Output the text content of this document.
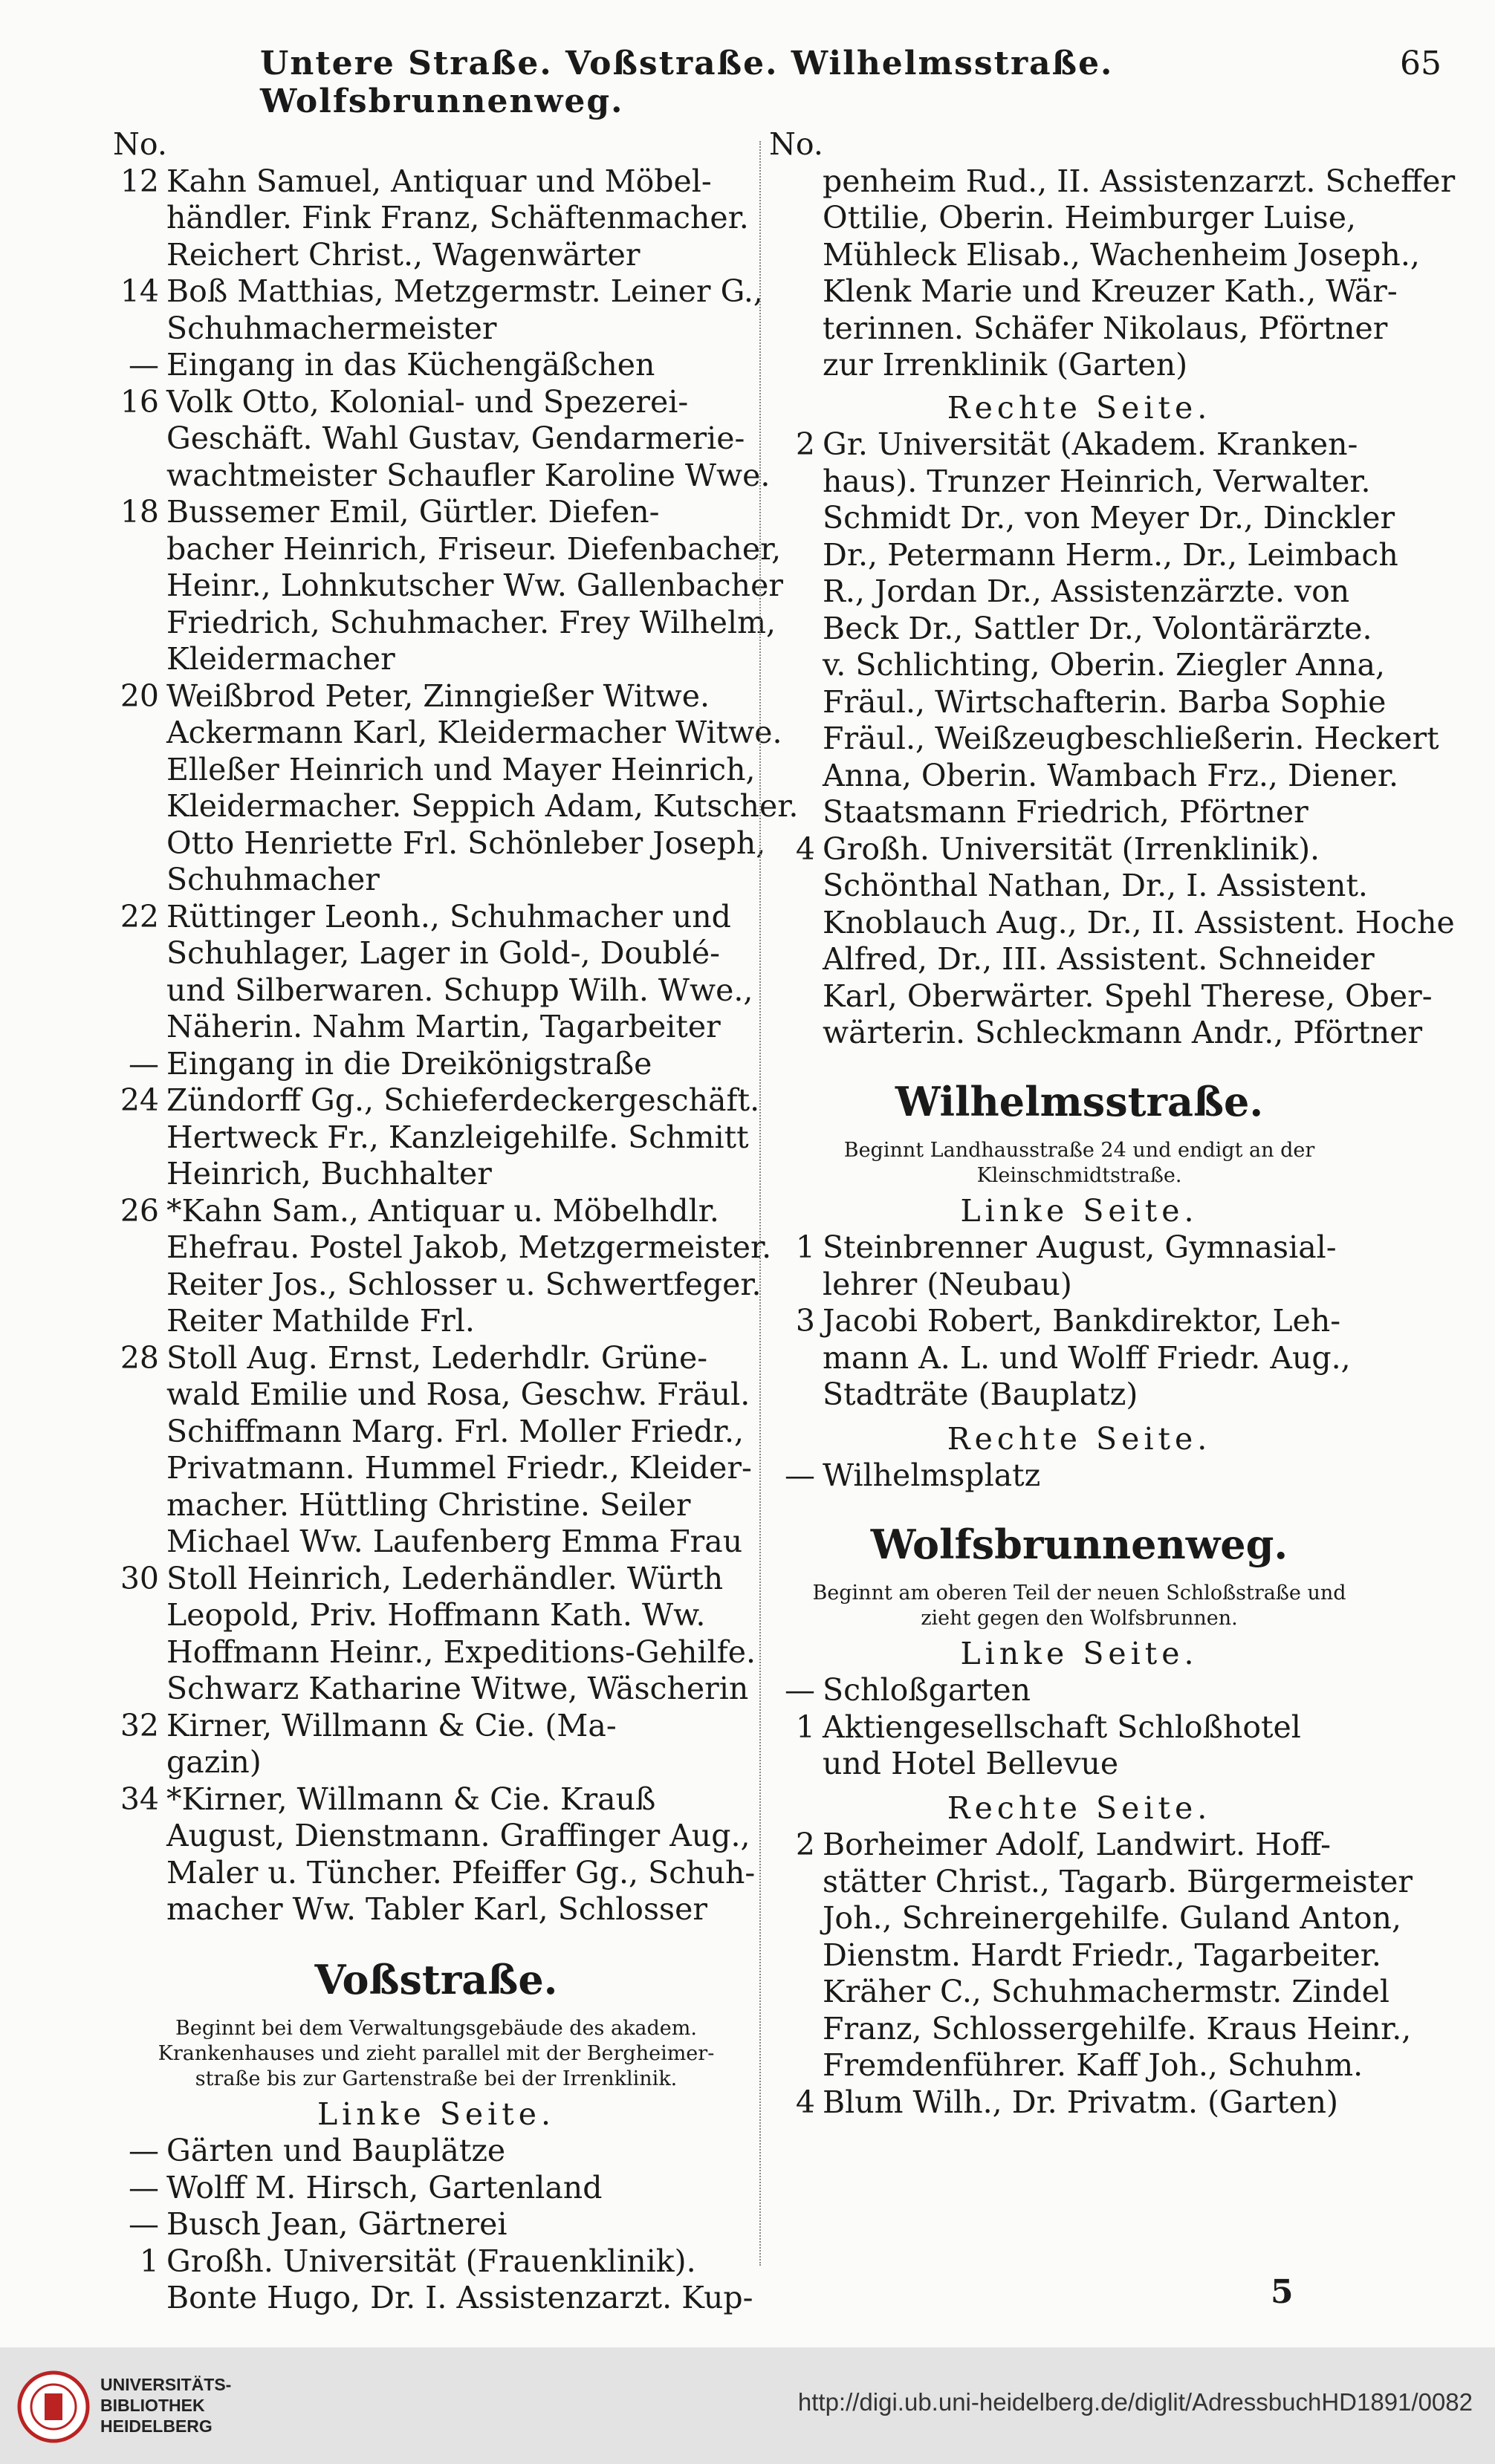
Untere Straße. Voßstraße. Wilhelmsstraße. Wolfsbrunnenweg.
65
No.
12 Kahn Samuel, Antiquar und Möbel-
händler. Fink Franz, Schäftenmacher.
Reichert Christ., Wagenwärter
14 Boß Matthias, Metzgermstr. Leiner G.,
Schuhmachermeister
— Eingang in das Küchengäßchen
16 Volk Otto, Kolonial- und Spezerei-
Geschäft. Wahl Gustav, Gendarmerie-
wachtmeister Schaufler Karoline Wwe.
18 Bussemer Emil, Gürtler. Diefen-
bacher Heinrich, Friseur. Diefenbacher,
Heinr., Lohnkutscher Ww. Gallenbacher
Friedrich, Schuhmacher. Frey Wilhelm,
Kleidermacher
20 Weißbrod Peter, Zinngießer Witwe.
Ackermann Karl, Kleidermacher Witwe.
Elleßer Heinrich und Mayer Heinrich,
Kleidermacher. Seppich Adam, Kutscher.
Otto Henriette Frl. Schönleber Joseph,
Schuhmacher
22 Rüttinger Leonh., Schuhmacher und
Schuhlager, Lager in Gold-, Doublé-
und Silberwaren. Schupp Wilh. Wwe.,
Näherin. Nahm Martin, Tagarbeiter
— Eingang in die Dreikönigstraße
24 Zündorff Gg., Schieferdeckergeschäft.
Hertweck Fr., Kanzleigehilfe. Schmitt
Heinrich, Buchhalter
26 *Kahn Sam., Antiquar u. Möbelhdlr.
Ehefrau. Postel Jakob, Metzgermeister.
Reiter Jos., Schlosser u. Schwertfeger.
Reiter Mathilde Frl.
28 Stoll Aug. Ernst, Lederhdlr. Grüne-
wald Emilie und Rosa, Geschw. Fräul.
Schiffmann Marg. Frl. Moller Friedr.,
Privatmann. Hummel Friedr., Kleider-
macher. Hüttling Christine. Seiler
Michael Ww. Laufenberg Emma Frau
30 Stoll Heinrich, Lederhändler. Würth
Leopold, Priv. Hoffmann Kath. Ww.
Hoffmann Heinr., Expeditions-Gehilfe.
Schwarz Katharine Witwe, Wäscherin
32 Kirner, Willmann & Cie. (Ma-
gazin)
34 *Kirner, Willmann & Cie. Krauß
August, Dienstmann. Graffinger Aug.,
Maler u. Tüncher. Pfeiffer Gg., Schuh-
macher Ww. Tabler Karl, Schlosser
Voßstraße.
Beginnt bei dem Verwaltungsgebäude des akadem.
Krankenhauses und zieht parallel mit der Bergheimer-
straße bis zur Gartenstraße bei der Irrenklinik.
Linke Seite.
— Gärten und Bauplätze
— Wolff M. Hirsch, Gartenland
— Busch Jean, Gärtnerei
1 Großh. Universität (Frauenklinik).
Bonte Hugo, Dr. I. Assistenzarzt. Kup-
No.
penheim Rud., II. Assistenzarzt. Scheffer
Ottilie, Oberin. Heimburger Luise,
Mühleck Elisab., Wachenheim Joseph.,
Klenk Marie und Kreuzer Kath., Wär-
terinnen. Schäfer Nikolaus, Pförtner
zur Irrenklinik (Garten)
Rechte Seite.
2 Gr. Universität (Akadem. Kranken-
haus). Trunzer Heinrich, Verwalter.
Schmidt Dr., von Meyer Dr., Dinckler
Dr., Petermann Herm., Dr., Leimbach
R., Jordan Dr., Assistenzärzte. von
Beck Dr., Sattler Dr., Volontärärzte.
v. Schlichting, Oberin. Ziegler Anna,
Fräul., Wirtschafterin. Barba Sophie
Fräul., Weißzeugbeschließerin. Heckert
Anna, Oberin. Wambach Frz., Diener.
Staatsmann Friedrich, Pförtner
4 Großh. Universität (Irrenklinik).
Schönthal Nathan, Dr., I. Assistent.
Knoblauch Aug., Dr., II. Assistent. Hoche
Alfred, Dr., III. Assistent. Schneider
Karl, Oberwärter. Spehl Therese, Ober-
wärterin. Schleckmann Andr., Pförtner
Wilhelmsstraße.
Beginnt Landhausstraße 24 und endigt an der
Kleinschmidtstraße.
Linke Seite.
1 Steinbrenner August, Gymnasial-
lehrer (Neubau)
3 Jacobi Robert, Bankdirektor, Leh-
mann A. L. und Wolff Friedr. Aug.,
Stadträte (Bauplatz)
Rechte Seite.
— Wilhelmsplatz
Wolfsbrunnenweg.
Beginnt am oberen Teil der neuen Schloßstraße und
zieht gegen den Wolfsbrunnen.
Linke Seite.
— Schloßgarten
1 Aktiengesellschaft Schloßhotel
und Hotel Bellevue
Rechte Seite.
2 Borheimer Adolf, Landwirt. Hoff-
stätter Christ., Tagarb. Bürgermeister
Joh., Schreinergehilfe. Guland Anton,
Dienstm. Hardt Friedr., Tagarbeiter.
Kräher C., Schuhmachermstr. Zindel
Franz, Schlossergehilfe. Kraus Heinr.,
Fremdenführer. Kaff Joh., Schuhm.
4 Blum Wilh., Dr. Privatm. (Garten)
5
UNIVERSITÄTS-
BIBLIOTHEK
HEIDELBERG
http://digi.ub.uni-heidelberg.de/diglit/AdressbuchHD1891/0082
